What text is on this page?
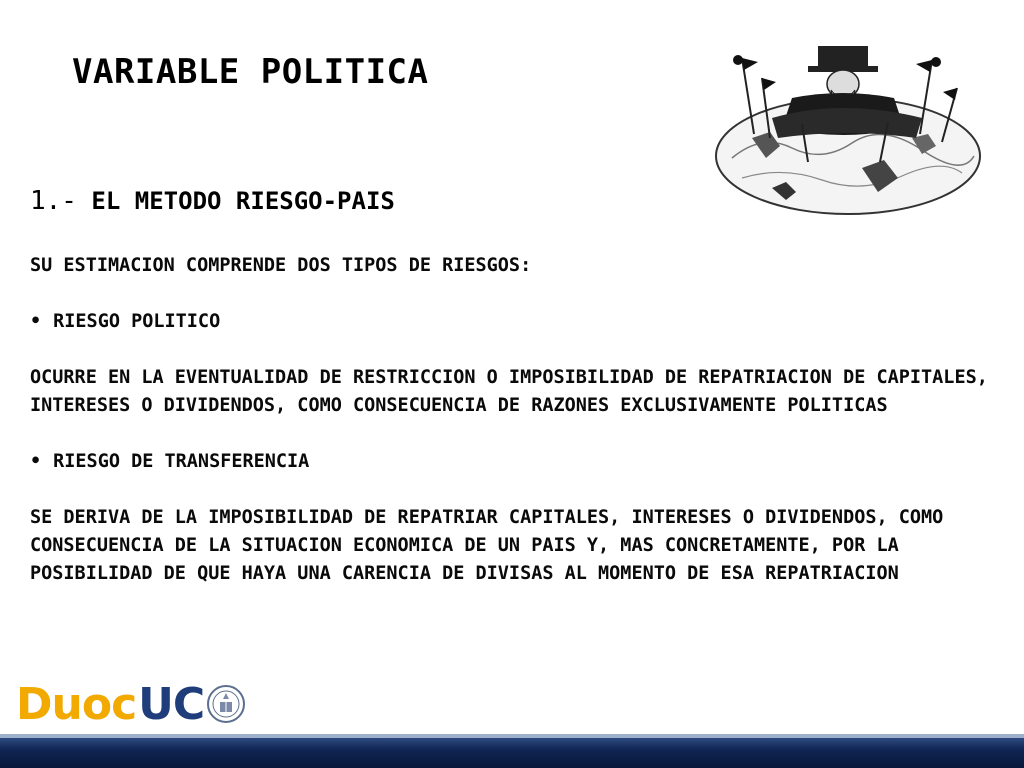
VARIABLE POLITICA
1.- EL METODO RIESGO-PAIS

SU ESTIMACION COMPRENDE DOS TIPOS DE RIESGOS:

• RIESGO POLITICO

OCURRE EN LA EVENTUALIDAD DE RESTRICCION O IMPOSIBILIDAD DE REPATRIACION DE CAPITALES, INTERESES O DIVIDENDOS, COMO CONSECUENCIA DE RAZONES EXCLUSIVAMENTE POLITICAS

• RIESGO DE TRANSFERENCIA

SE DERIVA DE LA IMPOSIBILIDAD DE REPATRIAR CAPITALES, INTERESES O DIVIDENDOS, COMO CONSECUENCIA DE LA SITUACION ECONOMICA DE UN PAIS Y, MAS CONCRETAMENTE, POR LA POSIBILIDAD DE QUE HAYA UNA CARENCIA DE DIVISAS AL MOMENTO DE ESA REPATRIACION

Duoc UC
